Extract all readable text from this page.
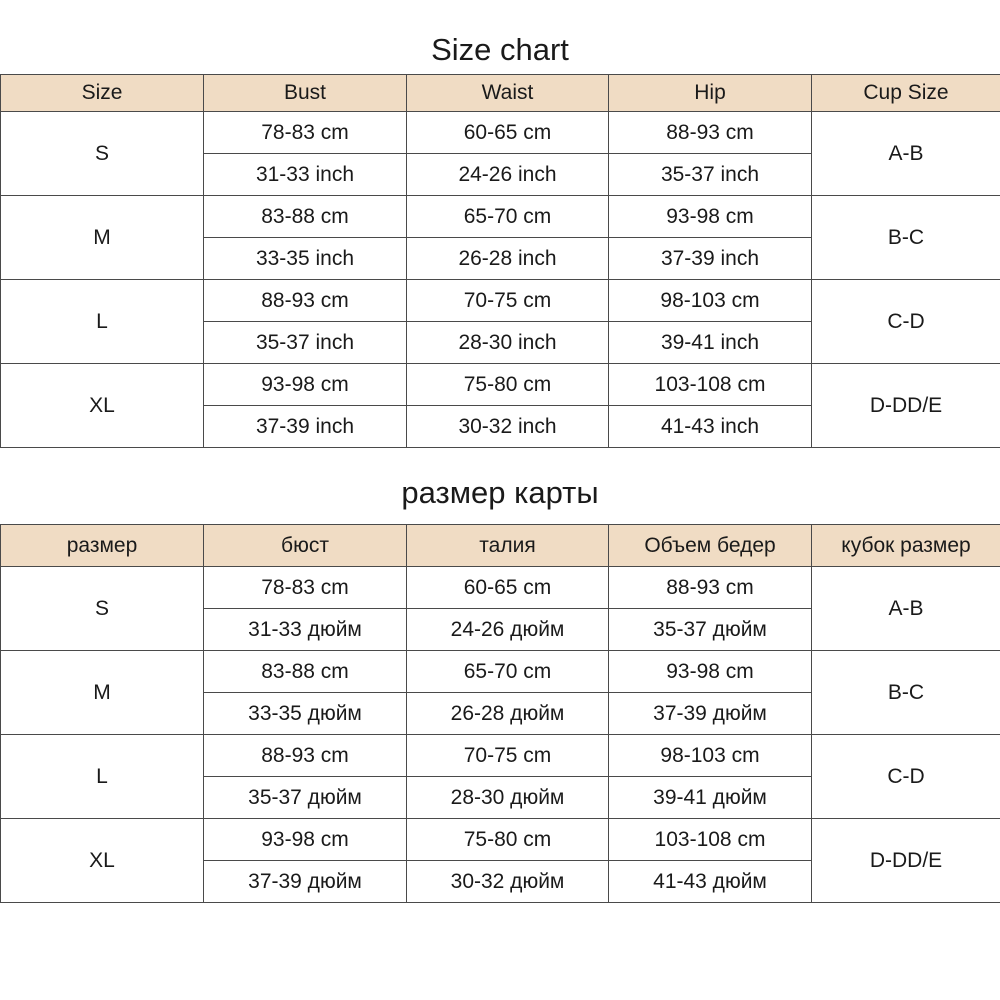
Size chart
Size	Bust	Waist	Hip	Cup Size
S	78-83 cm	60-65 cm	88-93 cm	A-B
	31-33 inch	24-26 inch	35-37 inch	
M	83-88 cm	65-70 cm	93-98 cm	B-C
	33-35 inch	26-28 inch	37-39 inch	
L	88-93 cm	70-75 cm	98-103 cm	C-D
	35-37 inch	28-30 inch	39-41 inch	
XL	93-98 cm	75-80 cm	103-108 cm	D-DD/E
	37-39 inch	30-32 inch	41-43 inch	
размер карты
размер	бюст	талия	Объем бедер	кубок размер
S	78-83 cm	60-65 cm	88-93 cm	A-B
	31-33 дюйм	24-26 дюйм	35-37 дюйм	
M	83-88 cm	65-70 cm	93-98 cm	B-C
	33-35 дюйм	26-28 дюйм	37-39 дюйм	
L	88-93 cm	70-75 cm	98-103 cm	C-D
	35-37 дюйм	28-30 дюйм	39-41 дюйм	
XL	93-98 cm	75-80 cm	103-108 cm	D-DD/E
	37-39 дюйм	30-32 дюйм	41-43 дюйм	
